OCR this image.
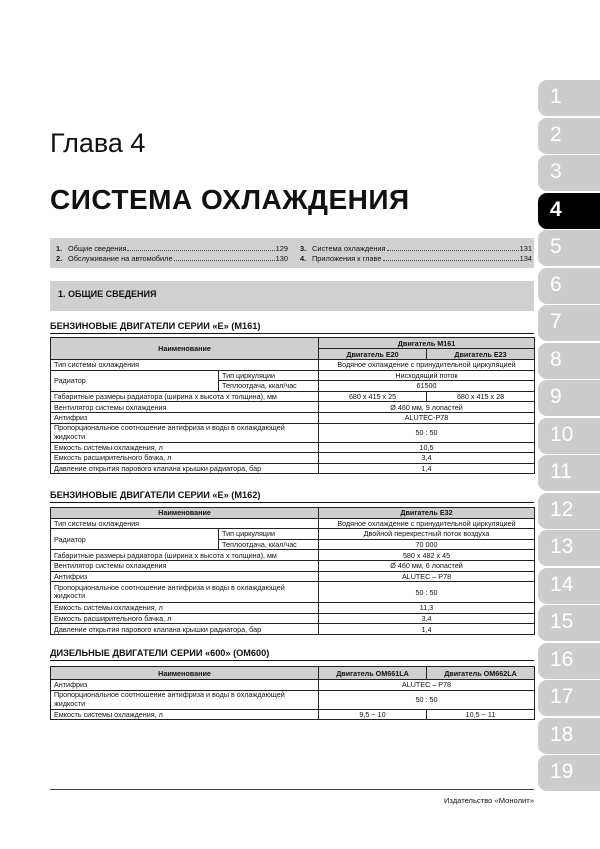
Глава 4
СИСТЕМА ОХЛАЖДЕНИЯ
1. Общие сведения	129
2. Обслуживание на автомобиле	130
3. Система охлаждения	131
4. Приложения к главе	134
1. ОБЩИЕ СВЕДЕНИЯ
БЕНЗИНОВЫЕ ДВИГАТЕЛИ СЕРИИ «Е» (М161)
Наименование		Двигатель М161	
		Двигатель Е20	Двигатель Е23
Тип системы охлаждения		Водяное охлаждение с принудительной циркуляцией	
Радиатор	Тип циркуляции	Нисходящий поток	
	Теплоотдача, ккал/час	61500	
Габаритные размеры радиатора (ширина х высота х толщина), мм		680 x 415 x 25	680 x 415 x 28
Вентилятор системы охлаждения		Ø 460 мм, 9 лопастей	
Антифриз		ALUTEC-P78	
Пропорциональное соотношение антифриза и воды в охлаждающей жидкости		50 : 50	
Емкость системы охлаждения, л		10,5	
Емкость расширительного бачка, л		3,4	
Давление открытия парового клапана крышки радиатора, бар		1,4	
БЕНЗИНОВЫЕ ДВИГАТЕЛИ СЕРИИ «Е» (М162)
Наименование		Двигатель Е32
Тип системы охлаждения		Водяное охлаждение с принудительной циркуляцией
Радиатор	Тип циркуляции	Двойной перекрестный поток воздуха
	Теплоотдача, ккал/час	70 000
Габаритные размеры радиатора (ширина х высота х толщина), мм		580 x 482 x 45
Вентилятор системы охлаждения		Ø 460 мм, 6 лопастей
Антифриз		ALUTEC – P78
Пропорциональное соотношение антифриза и воды в охлаждающей жидкости		50 : 50
Емкость системы охлаждения, л		11,3
Емкость расширительного бачка, л		3,4
Давление открытия парового клапана крышки радиатора, бар		1,4
ДИЗЕЛЬНЫЕ ДВИГАТЕЛИ СЕРИИ «600» (ОМ600)
Наименование	Двигатель ОМ661LA	Двигатель ОМ662LA
Антифриз	ALUTEC – P78	
Пропорциональное соотношение антифриза и воды в охлаждающей жидкости	50 : 50	
Емкость системы охлаждения, л	9,5 ~ 10	10,5 ~ 11
1
2
3
4
5
6
7
8
9
10
11
12
13
14
15
16
17
18
19
Издательство «Монолит»
